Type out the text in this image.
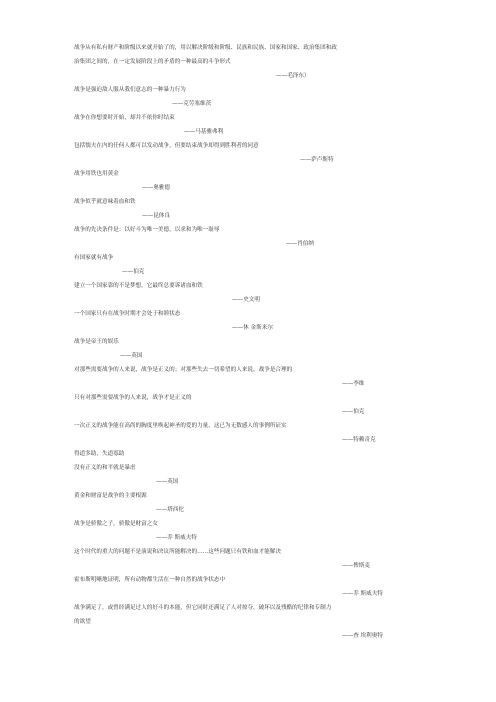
战争从有私有财产和阶级以来就开始了的，用以解决阶级和阶级、民族和民族、国家和国家、政治集团和政
治集团之间的，在一定发展阶段上的矛盾的一种最高的斗争形式
——毛泽东）
战争是强迫敌人服从我们意志的一种暴力行为
——克劳塞维茨
战争在你想要时开始，却并不依你时结束
——马基雅弗利
包括懦夫在内的任何人都可以发动战争，但要结束战争却得到胜利者的同意
——萨卢斯特
战争用铁也用黄金
——奥雅德
战争似乎就意味着血和铁
——昆体良
战争的先决条件是：以好斗为唯一美德，以求和为唯一耻辱
——肖伯纳
有国家就有战争
——伯克
建立一个国家靠的不是梦想，它最终总要诉诸血和铁
——史文明
一个国家只有在战争时期才会处于和睦状态
——休 金斯米尔
战争是帝王的娱乐
——英国
对那些需要战争的人来说，战争是正义的；对那些失去一切希望的人来说，战争是合理的
——李维
只有对那些需要战争的人来说，战争才是正义的
——伯克
一次正义的战争能在高尚的胸度里唤起神圣的爱的力量，这已为无数感人的事例所证实
——特赖奇克
得道多助，失道寡助
没有正义的和平就是暴虐
——英国
黄金和财富是战争的主要根源
——塔西佗
战争是骄傲之子，骄傲是财富之女
——乔 斯威夫特
这个时代的重大的问题不是演说和决议所能解决的……这些问题只有铁和血才能解决
——俾斯麦
霍布斯明晰地证明，所有动物都生活在一种自然的战争状态中
——乔 斯威夫特
战争满足了，或曾经满足过人的好斗的本能，但它同时还满足了人对掠夺，破坏以及残酷的纪律和专制力
的欲望
——查 埃利奥特
